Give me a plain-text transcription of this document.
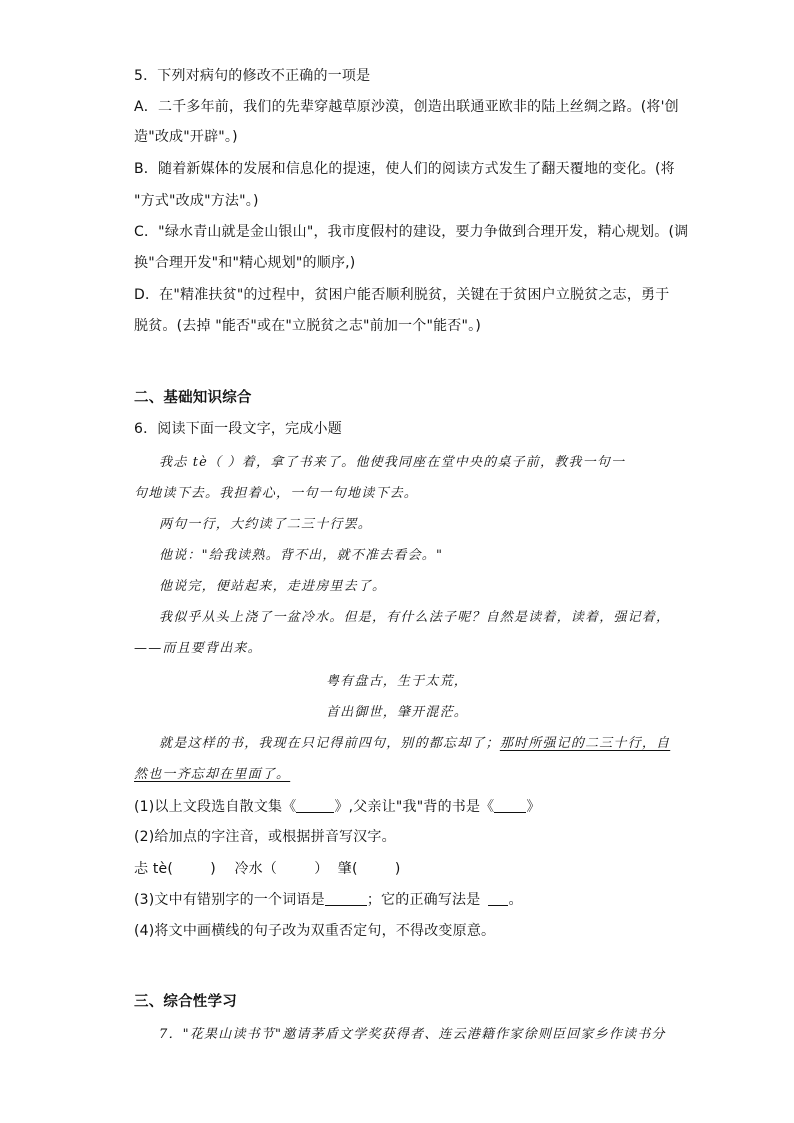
5．下列对病句的修改不正确的一项是
A．二千多年前，我们的先辈穿越草原沙漠，创造出联通亚欧非的陆上丝绸之路。(将'创
造"改成"开辟"。)
B．随着新媒体的发展和信息化的提速，使人们的阅读方式发生了翻天覆地的变化。(将
"方式"改成"方法"。)
C．"绿水青山就是金山银山"，我市度假村的建设，要力争做到合理开发，精心规划。(调
换"合理开发"和"精心规划"的顺序,)
D．在"精准扶贫"的过程中，贫困户能否顺利脱贫，关键在于贫困户立脱贫之志，勇于
脱贫。(去掉 "能否"或在"立脱贫之志"前加一个"能否"。)
二、基础知识综合
6．阅读下面一段文字，完成小题
我忐 tè（ ）着，拿了书来了。他使我同座在堂中央的桌子前，教我一句一
句地读下去。我担着心，一句一句地读下去。
两句一行，大约读了二三十行罢。
他说："给我读熟。背不出，就不准去看会。"
他说完，便站起来，走进房里去了。
我似乎从头上浇了一盆冷水。但是，有什么法子呢？自然是读着，读着，强记着，
——而且要背出来。
粤有盘古，生于太荒，
首出御世，肇开混茫。
就是这样的书，我现在只记得前四句，别的都忘却了；那时所强记的二三十行，自
然也一齐忘却在里面了。
(1)以上文段选自散文集《	》,父亲让"我"背的书是《 》
(2)给加点的字注音，或根据拼音写汉字。
忐 tè(        )    冷水（        ）  肇(        )
(3)文中有错别字的一个词语是	；它的正确写法是 。
(4)将文中画横线的句子改为双重否定句，不得改变原意。
三、综合性学习
7．"花果山读书节"邀请茅盾文学奖获得者、连云港籍作家徐则臣回家乡作读书分
